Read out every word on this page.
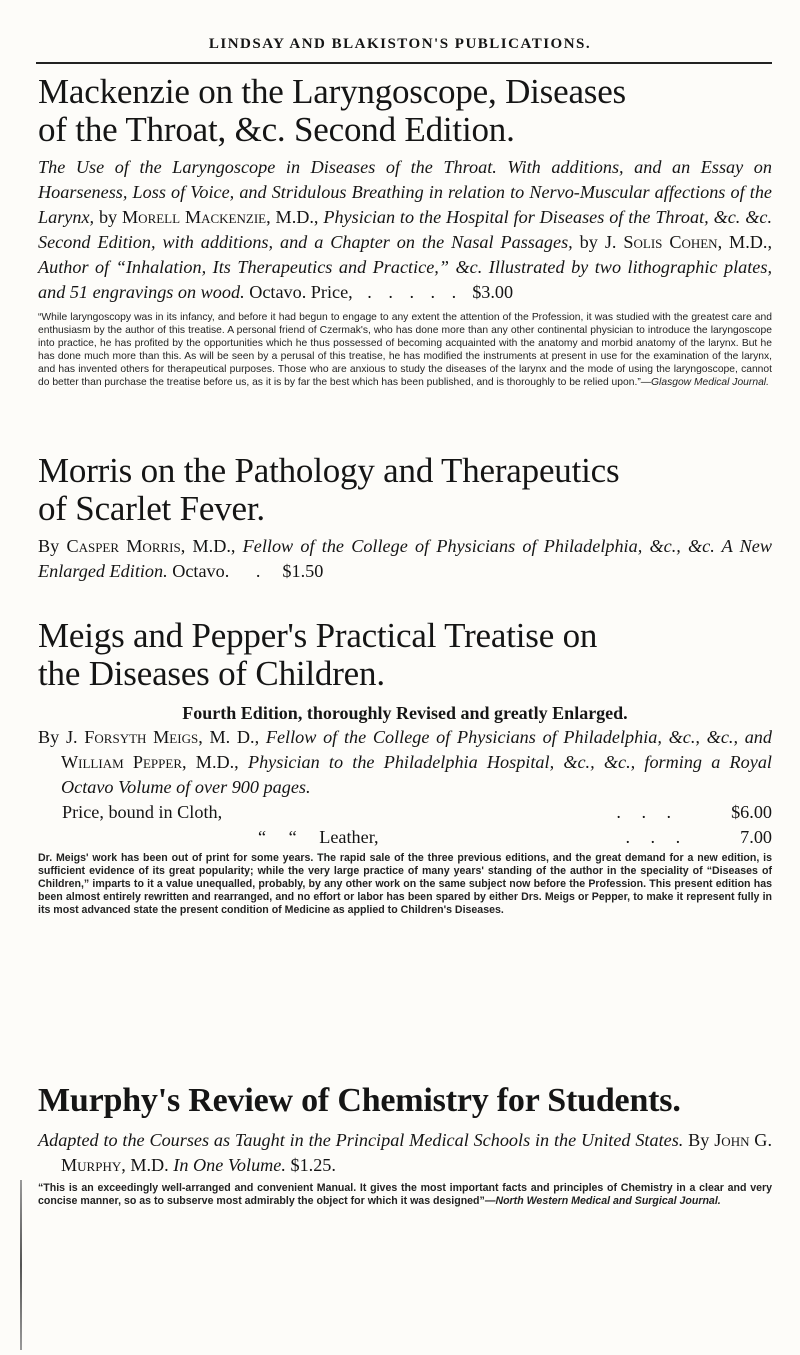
LINDSAY AND BLAKISTON'S PUBLICATIONS.

Mackenzie on the Laryngoscope, Diseases
of the Throat, &c. Second Edition.

The Use of the Laryngoscope in Diseases of the Throat. With additions, and an Essay on Hoarseness, Loss of Voice, and Stridulous Breathing in relation to Nervo-Muscular affections of the Larynx, by Morell Mackenzie, M.D., Physician to the Hospital for Diseases of the Throat, &c. &c. Second Edition, with additions, and a Chapter on the Nasal Passages, by J. Solis Cohen, M.D., Author of “Inhalation, Its Therapeutics and Practice,” &c. Illustrated by two lithographic plates, and 51 engravings on wood. Octavo. Price, . . . . . $3.00

“While laryngoscopy was in its infancy, and before it had begun to engage to any extent the attention of the Profession, it was studied with the greatest care and enthusiasm by the author of this treatise. A personal friend of Czermak's, who has done more than any other continental physician to introduce the laryngoscope into practice, he has profited by the opportunities which he thus possessed of becoming acquainted with the anatomy and morbid anatomy of the larynx. But he has done much more than this. As will be seen by a perusal of this treatise, he has modified the instruments at present in use for the examination of the larynx, and has invented others for therapeutical purposes. Those who are anxious to study the diseases of the larynx and the mode of using the laryngoscope, cannot do better than purchase the treatise before us, as it is by far the best which has been published, and is thoroughly to be relied upon.”—Glasgow Medical Journal.

Morris on the Pathology and Therapeutics
of Scarlet Fever.

By Casper Morris, M.D., Fellow of the College of Physicians of Philadelphia, &c., &c. A New Enlarged Edition. Octavo. . $1.50

Meigs and Pepper's Practical Treatise on
the Diseases of Children.

Fourth Edition, thoroughly Revised and greatly Enlarged.

By J. Forsyth Meigs, M. D., Fellow of the College of Physicians of Philadelphia, &c., &c., and William Pepper, M.D., Physician to the Philadelphia Hospital, &c., &c., forming a Royal Octavo Volume of over 900 pages.

Price, bound in Cloth,	. . .	$6.00
“ “ Leather,	. . .	7.00

Dr. Meigs' work has been out of print for some years. The rapid sale of the three previous editions, and the great demand for a new edition, is sufficient evidence of its great popularity; while the very large practice of many years' standing of the author in the speciality of “Diseases of Children,” imparts to it a value unequalled, probably, by any other work on the same subject now before the Profession. This present edition has been almost entirely rewritten and rearranged, and no effort or labor has been spared by either Drs. Meigs or Pepper, to make it represent fully in its most advanced state the present condition of Medicine as applied to Children's Diseases.

Murphy's Review of Chemistry for Students.

Adapted to the Courses as Taught in the Principal Medical Schools in the United States. By John G. Murphy, M.D. In One Volume. $1.25.

“This is an exceedingly well-arranged and convenient Manual. It gives the most important facts and principles of Chemistry in a clear and very concise manner, so as to subserve most admirably the object for which it was designed”—North Western Medical and Surgical Journal.
